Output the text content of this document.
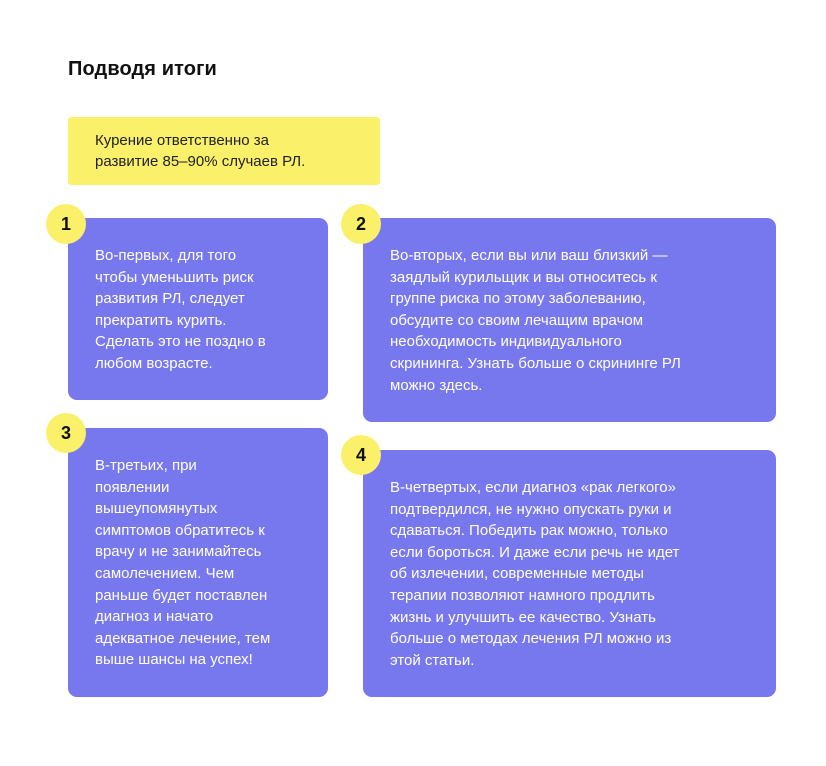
Подводя итоги
Курение ответственно за
развитие 85–90% случаев РЛ.
Во-первых, для того
чтобы уменьшить риск
развития РЛ, следует
прекратить курить.
Сделать это не поздно в
любом возрасте.
1
Во-вторых, если вы или ваш близкий —
заядлый курильщик и вы относитесь к
группе риска по этому заболеванию,
обсудите со своим лечащим врачом
необходимость индивидуального
скрининга. Узнать больше о скрининге РЛ
можно здесь.
2
В-третьих, при
появлении
вышеупомянутых
симптомов обратитесь к
врачу и не занимайтесь
самолечением. Чем
раньше будет поставлен
диагноз и начато
адекватное лечение, тем
выше шансы на успех!
3
В-четвертых, если диагноз «рак легкого»
подтвердился, не нужно опускать руки и
сдаваться. Победить рак можно, только
если бороться. И даже если речь не идет
об излечении, современные методы
терапии позволяют намного продлить
жизнь и улучшить ее качество. Узнать
больше о методах лечения РЛ можно из
этой статьи.
4
